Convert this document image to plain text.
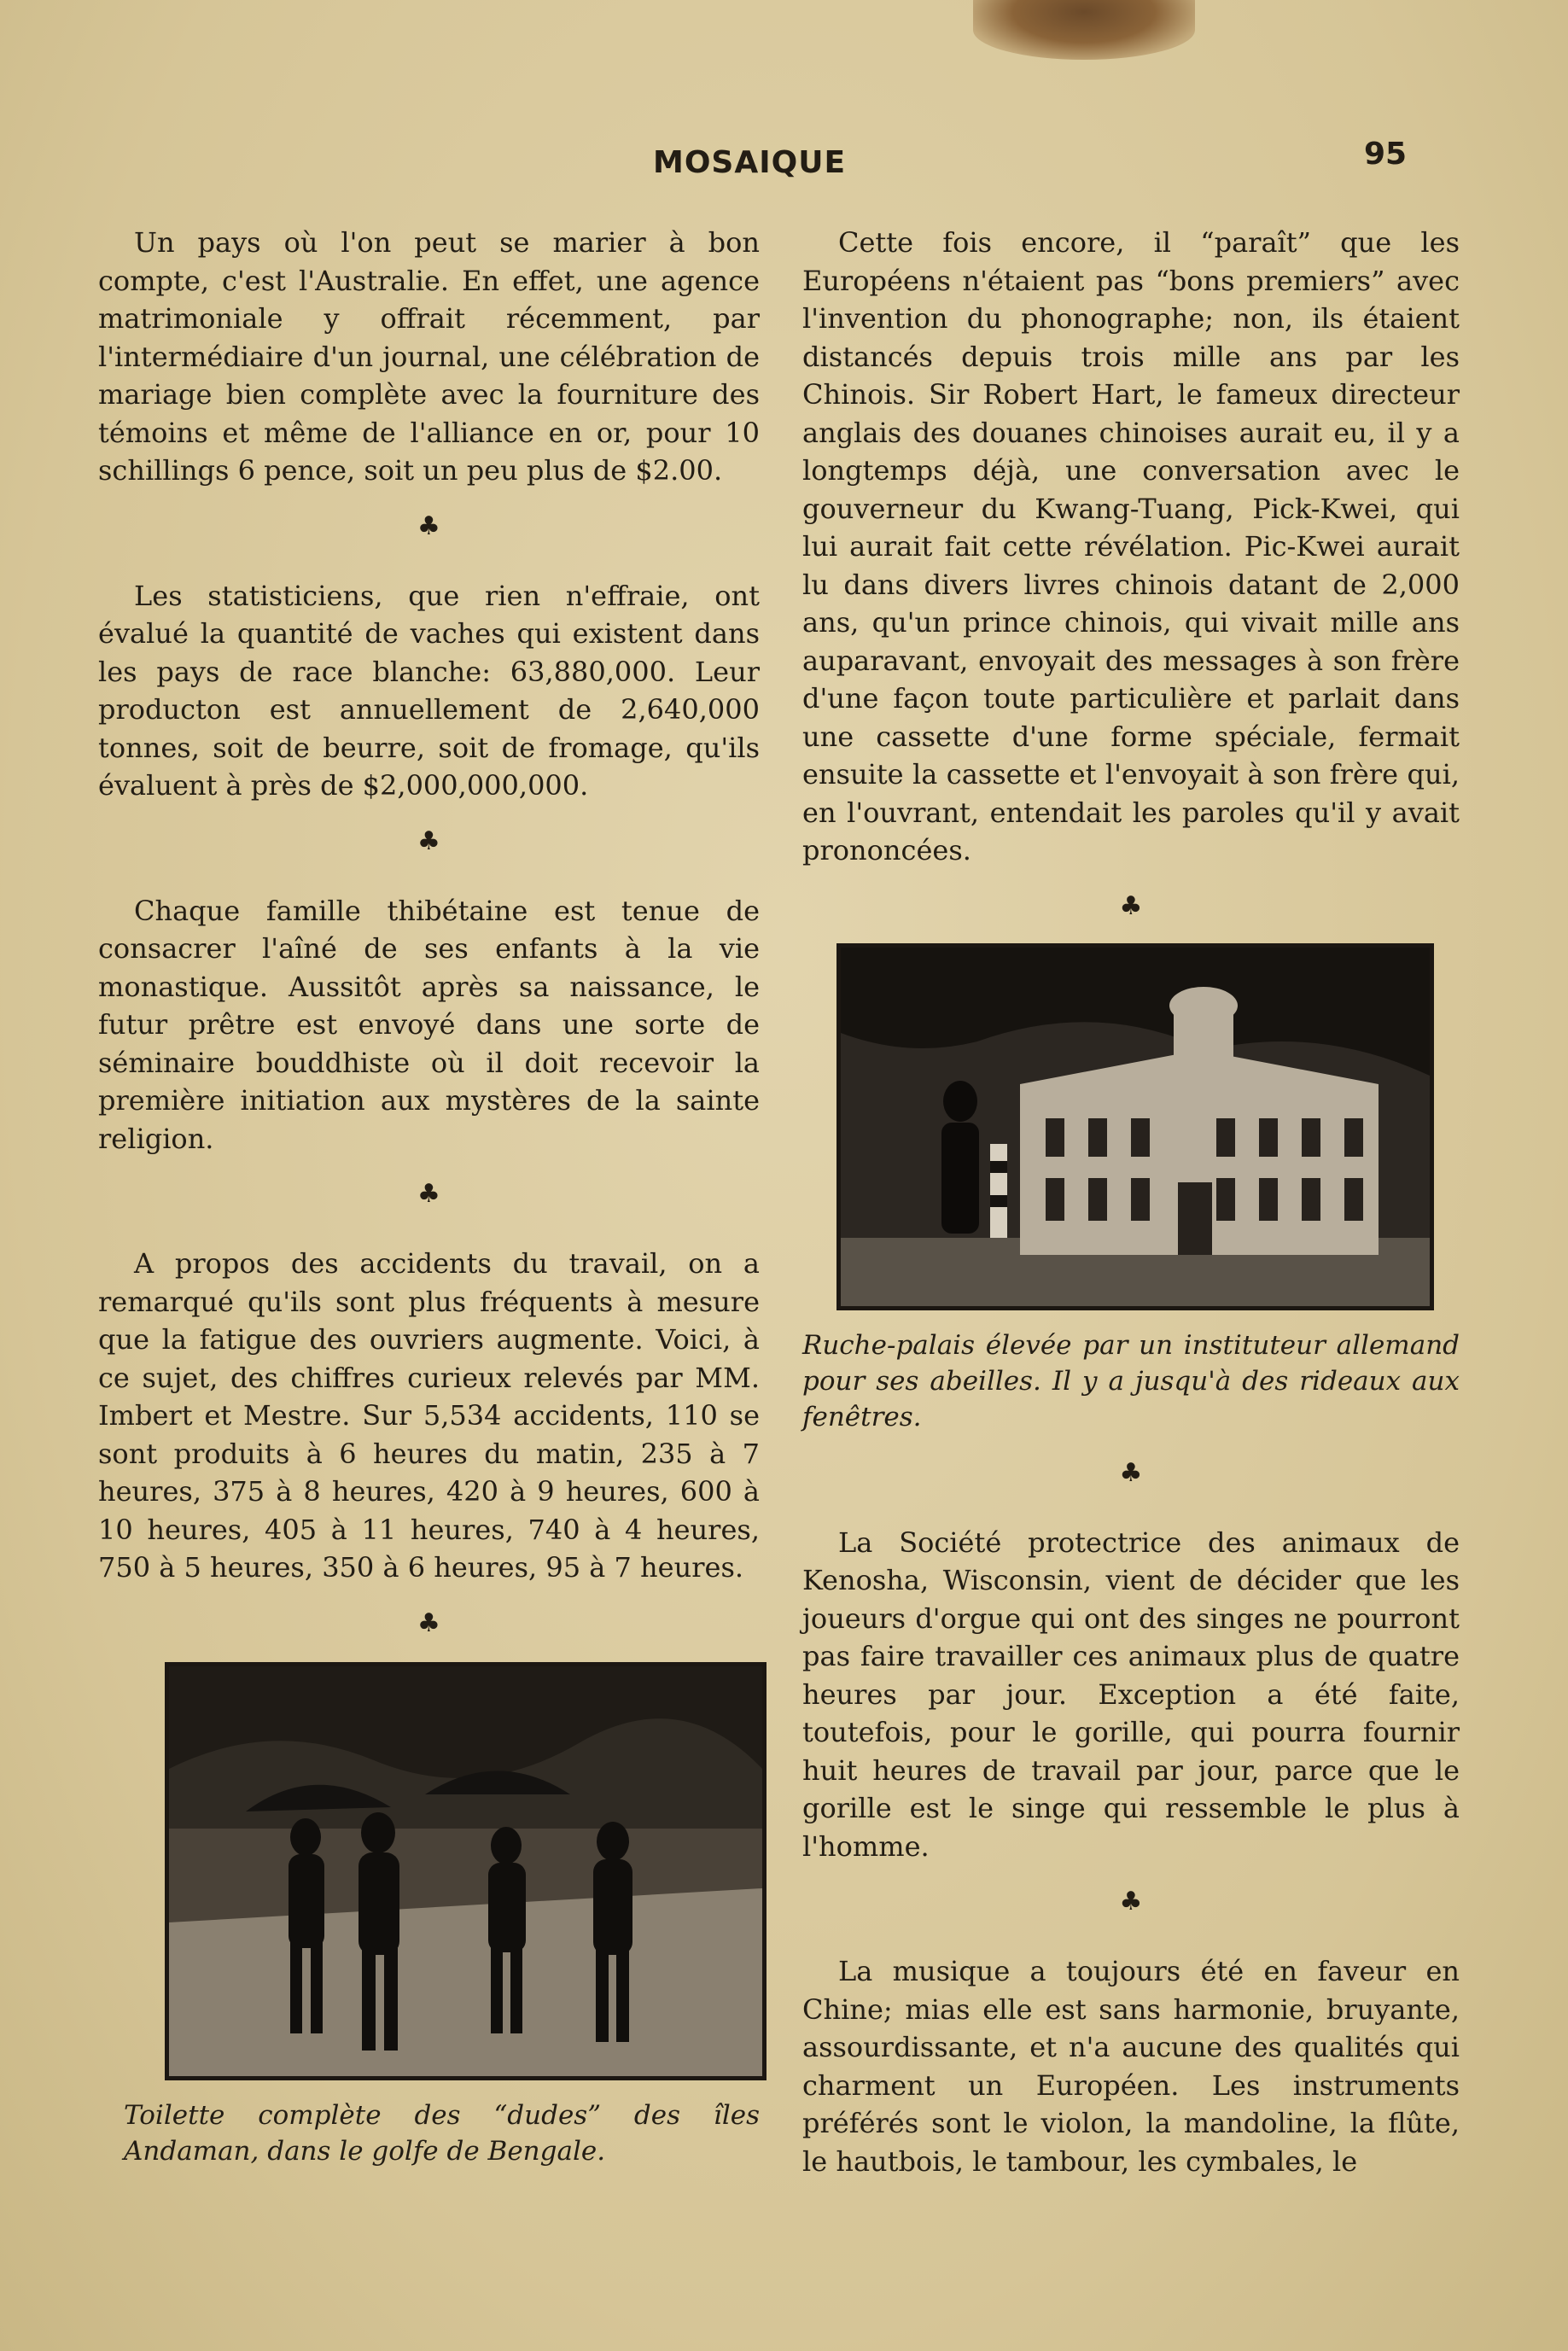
MOSAIQUE	95

Un pays où l'on peut se marier à bon compte, c'est l'Australie. En effet, une agence matrimoniale y offrait récemment, par l'intermédiaire d'un journal, une célébration de mariage bien complète avec la fourniture des témoins et même de l'alliance en or, pour 10 schillings 6 pence, soit un peu plus de $2.00.

♣

Les statisticiens, que rien n'effraie, ont évalué la quantité de vaches qui existent dans les pays de race blanche: 63,880,000. Leur producton est annuellement de 2,640,000 tonnes, soit de beurre, soit de fromage, qu'ils évaluent à près de $2,000,000,000.

♣

Chaque famille thibétaine est tenue de consacrer l'aîné de ses enfants à la vie monastique. Aussitôt après sa naissance, le futur prêtre est envoyé dans une sorte de séminaire bouddhiste où il doit recevoir la première initiation aux mystères de la sainte religion.

♣

A propos des accidents du travail, on a remarqué qu'ils sont plus fréquents à mesure que la fatigue des ouvriers augmente. Voici, à ce sujet, des chiffres curieux relevés par MM. Imbert et Mestre. Sur 5,534 accidents, 110 se sont produits à 6 heures du matin, 235 à 7 heures, 375 à 8 heures, 420 à 9 heures, 600 à 10 heures, 405 à 11 heures, 740 à 4 heures, 750 à 5 heures, 350 à 6 heures, 95 à 7 heures.

♣

Toilette complète des “dudes” des îles Andaman, dans le golfe de Bengale.

Cette fois encore, il “paraît” que les Européens n'étaient pas “bons premiers” avec l'invention du phonographe; non, ils étaient distancés depuis trois mille ans par les Chinois. Sir Robert Hart, le fameux directeur anglais des douanes chinoises aurait eu, il y a longtemps déjà, une conversation avec le gouverneur du Kwang-Tuang, Pick-Kwei, qui lui aurait fait cette révélation. Pic-Kwei aurait lu dans divers livres chinois datant de 2,000 ans, qu'un prince chinois, qui vivait mille ans auparavant, envoyait des messages à son frère d'une façon toute particulière et parlait dans une cassette d'une forme spéciale, fermait ensuite la cassette et l'envoyait à son frère qui, en l'ouvrant, entendait les paroles qu'il y avait prononcées.

♣

Ruche-palais élevée par un instituteur allemand pour ses abeilles. Il y a jusqu'à des rideaux aux fenêtres.

♣

La Société protectrice des animaux de Kenosha, Wisconsin, vient de décider que les joueurs d'orgue qui ont des singes ne pourront pas faire travailler ces animaux plus de quatre heures par jour. Exception a été faite, toutefois, pour le gorille, qui pourra fournir huit heures de travail par jour, parce que le gorille est le singe qui ressemble le plus à l'homme.

♣

La musique a toujours été en faveur en Chine; mias elle est sans harmonie, bruyante, assourdissante, et n'a aucune des qualités qui charment un Européen. Les instruments préférés sont le violon, la mandoline, la flûte, le hautbois, le tambour, les cymbales, le
